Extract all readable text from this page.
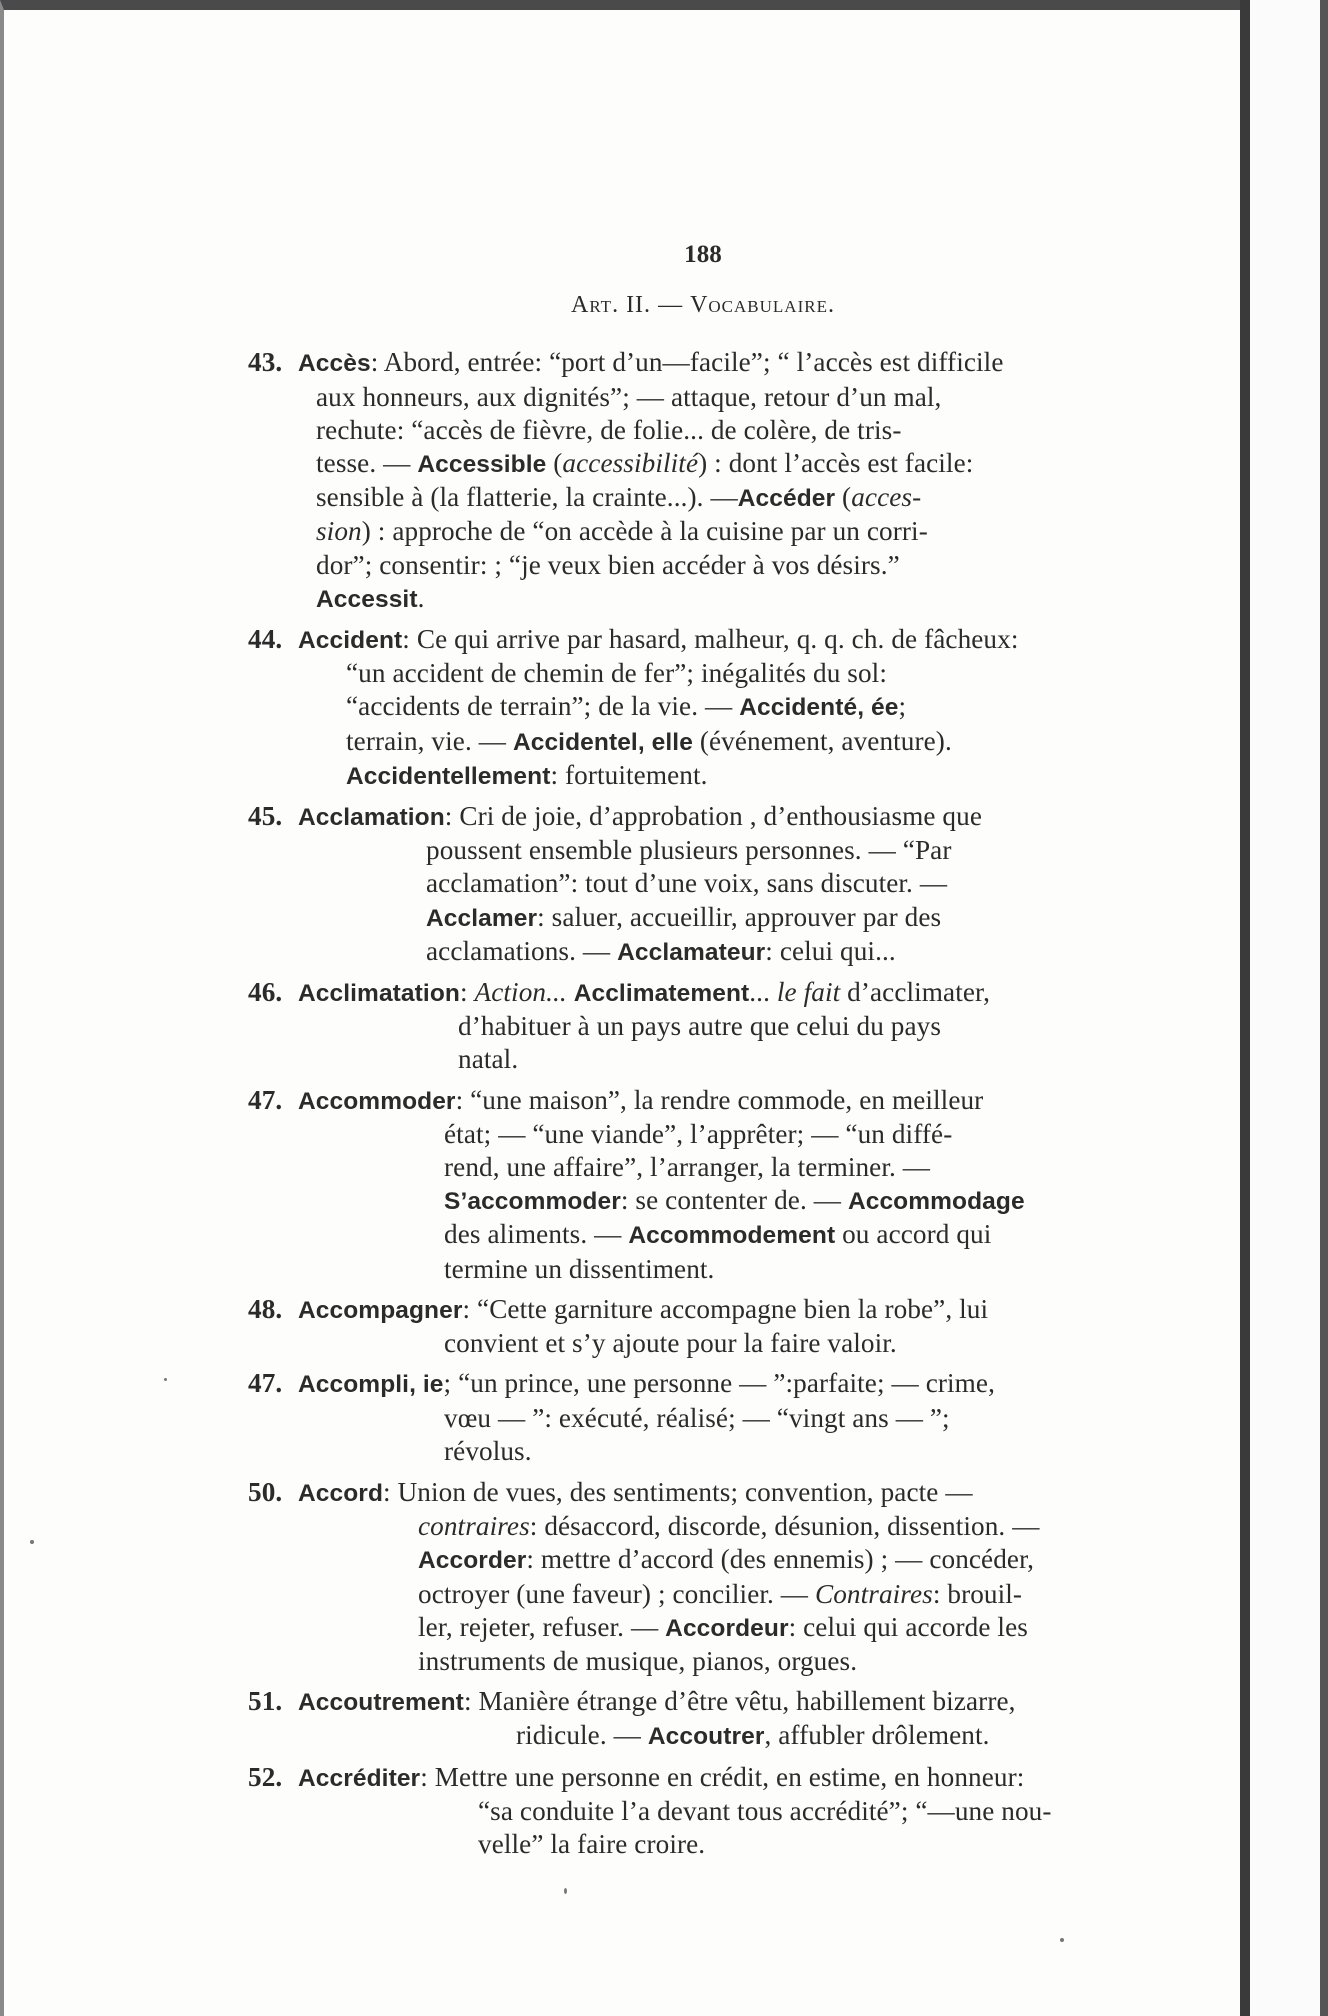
188
Art. II. — Vocabulaire.
43. Accès: Abord, entrée: “port d’un—facile”; “ l’accès est difficile
aux honneurs, aux dignités”; — attaque, retour d’un mal,
rechute: “accès de fièvre, de folie... de colère, de tris-
tesse. — Accessible (accessibilité) : dont l’accès est facile:
sensible à (la flatterie, la crainte...). —Accéder (acces-
sion) : approche de “on accède à la cuisine par un corri-
dor”; consentir: ; “je veux bien accéder à vos désirs.”
Accessit.
44. Accident: Ce qui arrive par hasard, malheur, q. q. ch. de fâcheux:
“un accident de chemin de fer”; inégalités du sol:
“accidents de terrain”; de la vie. — Accidenté, ée;
terrain, vie. — Accidentel, elle (événement, aventure).
Accidentellement: fortuitement.
45. Acclamation: Cri de joie, d’approbation , d’enthousiasme que
poussent ensemble plusieurs personnes. — “Par
acclamation”: tout d’une voix, sans discuter. —
Acclamer: saluer, accueillir, approuver par des
acclamations. — Acclamateur: celui qui...
46. Acclimatation: Action... Acclimatement... le fait d’acclimater,
d’habituer à un pays autre que celui du pays
natal.
47. Accommoder: “une maison”, la rendre commode, en meilleur
état; — “une viande”, l’apprêter; — “un diffé-
rend, une affaire”, l’arranger, la terminer. —
S’accommoder: se contenter de. — Accommodage
des aliments. — Accommodement ou accord qui
termine un dissentiment.
48. Accompagner: “Cette garniture accompagne bien la robe”, lui
convient et s’y ajoute pour la faire valoir.
47. Accompli, ie; “un prince, une personne — ”:parfaite; — crime,
vœu — ”: exécuté, réalisé; — “vingt ans — ”;
révolus.
50. Accord: Union de vues, des sentiments; convention, pacte —
contraires: désaccord, discorde, désunion, dissention. —
Accorder: mettre d’accord (des ennemis) ; — concéder,
octroyer (une faveur) ; concilier. — Contraires: brouil-
ler, rejeter, refuser. — Accordeur: celui qui accorde les
instruments de musique, pianos, orgues.
51. Accoutrement: Manière étrange d’être vêtu, habillement bizarre,
ridicule. — Accoutrer, affubler drôlement.
52. Accréditer: Mettre une personne en crédit, en estime, en honneur:
“sa conduite l’a devant tous accrédité”; “—une nou-
velle” la faire croire.
